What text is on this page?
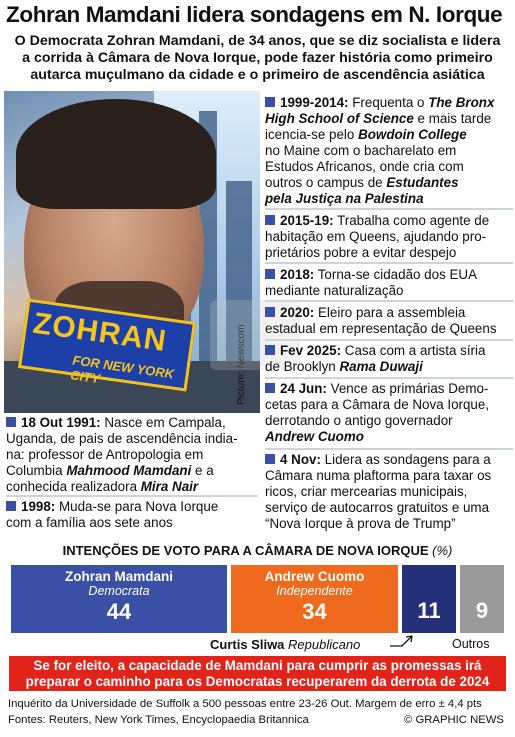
Zohran Mamdani lidera sondagens em N. Iorque
O Democrata Zohran Mamdani, de 34 anos, que se diz socialista e lidera
a corrida à Câmara de Nova Iorque, pode fazer história como primeiro
autarca muçulmano da cidade e o primeiro de ascendência asiática
ZOHRAN
FOR NEW YORK CITY	Picture: Newscom
1999-2014: Frequenta o The Bronx
High School of Science e mais tarde
icencia-se pelo Bowdoin College
no Maine com o bacharelato em
Estudos Africanos, onde cria com
outros o campus de Estudantes
pela Justiça na Palestina
2015-19: Trabalha como agente de
habitação em Queens, ajudando pro-
prietários pobre a evitar despejo
2018: Torna-se cidadão dos EUA
mediante naturalização
2020: Eleiro para a assembleia
estadual em representação de Queens
Fev 2025: Casa com a artista síria
de Brooklyn Rama Duwaji
24 Jun: Vence as primárias Demo-
cetas para a Câmara de Nova Iorque,
derrotando o antigo governador
Andrew Cuomo
4 Nov: Lidera as sondagens para a
Câmara numa plaftorma para taxar os
ricos, criar mercearias municipais,
serviço de autocarros gratuitos e uma
“Nova Iorque à prova de Trump”
18 Out 1991: Nasce em Campala,
Uganda, de pais de ascendência india-
na: professor de Antropologia em
Columbia Mahmood Mamdani e a
conhecida realizadora Mira Nair
1998: Muda-se para Nova Iorque
com a família aos sete anos
INTENÇÕES DE VOTO PARA A CÂMARA DE NOVA IORQUE (%)
Zohran Mamdani
Democrata
44
Andrew Cuomo
Independente
34	11	9
Curtis Sliwa Republicano	Outros
Se for eleito, a capacidade de Mamdani para cumprir as promessas irá
preparar o caminho para os Democratas recuperarem da derrota de 2024
Inquérito da Universidade de Suffolk a 500 pessoas entre 23-26 Out. Margem de erro ± 4,4 pts
Fontes: Reuters, New York Times, Encyclopaedia Britannica	© GRAPHIC NEWS
